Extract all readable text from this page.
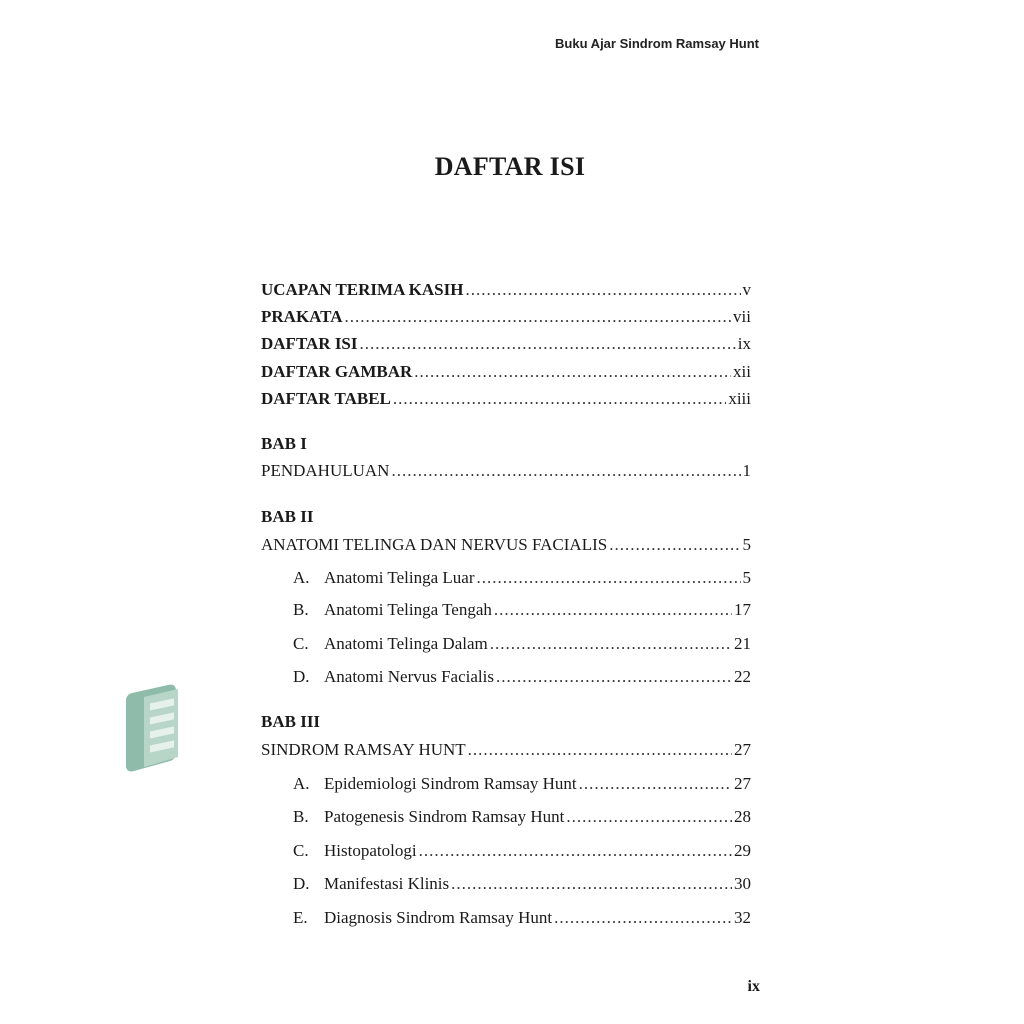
Buku Ajar Sindrom Ramsay Hunt
DAFTAR ISI
UCAPAN TERIMA KASIH .....	v
PRAKATA .....	vii
DAFTAR ISI .....	ix
DAFTAR GAMBAR .....	xii
DAFTAR TABEL .....	xiii
BAB I
PENDAHULUAN .....	1
BAB II
ANATOMI TELINGA DAN NERVUS FACIALIS .....	5
A. Anatomi Telinga Luar .....	5
B. Anatomi Telinga Tengah .....	17
C. Anatomi Telinga Dalam .....	21
D. Anatomi Nervus Facialis .....	22
BAB III
SINDROM RAMSAY HUNT .....	27
A. Epidemiologi Sindrom Ramsay Hunt .....	27
B. Patogenesis Sindrom Ramsay Hunt .....	28
C. Histopatologi .....	29
D. Manifestasi Klinis .....	30
E. Diagnosis Sindrom Ramsay Hunt .....	32
ix
